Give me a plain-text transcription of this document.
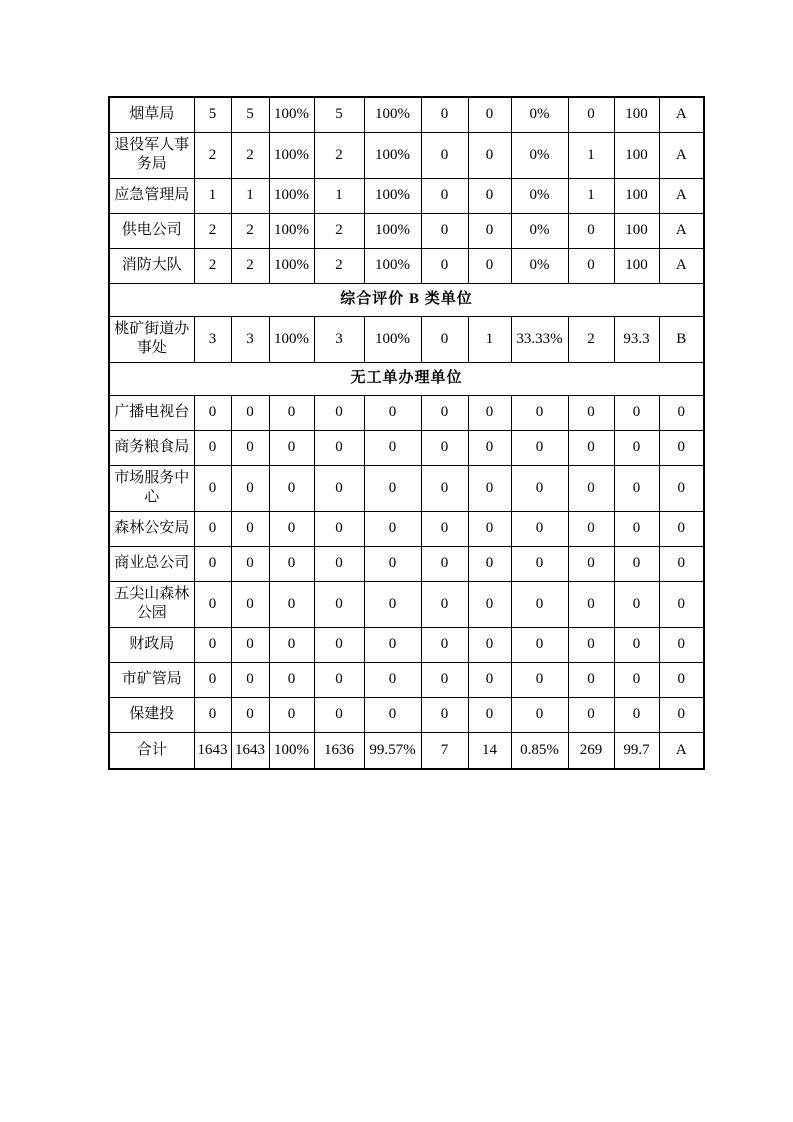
烟草局	5	5	100%	5	100%	0	0	0%	0	100	A
退役军人事务局	2	2	100%	2	100%	0	0	0%	1	100	A
应急管理局	1	1	100%	1	100%	0	0	0%	1	100	A
供电公司	2	2	100%	2	100%	0	0	0%	0	100	A
消防大队	2	2	100%	2	100%	0	0	0%	0	100	A
综合评价 B 类单位											
桃矿街道办事处	3	3	100%	3	100%	0	1	33.33%	2	93.3	B
无工单办理单位											
广播电视台	0	0	0	0	0	0	0	0	0	0	0
商务粮食局	0	0	0	0	0	0	0	0	0	0	0
市场服务中心	0	0	0	0	0	0	0	0	0	0	0
森林公安局	0	0	0	0	0	0	0	0	0	0	0
商业总公司	0	0	0	0	0	0	0	0	0	0	0
五尖山森林公园	0	0	0	0	0	0	0	0	0	0	0
财政局	0	0	0	0	0	0	0	0	0	0	0
市矿管局	0	0	0	0	0	0	0	0	0	0	0
保建投	0	0	0	0	0	0	0	0	0	0	0
合计	1643	1643	100%	1636	99.57%	7	14	0.85%	269	99.7	A
